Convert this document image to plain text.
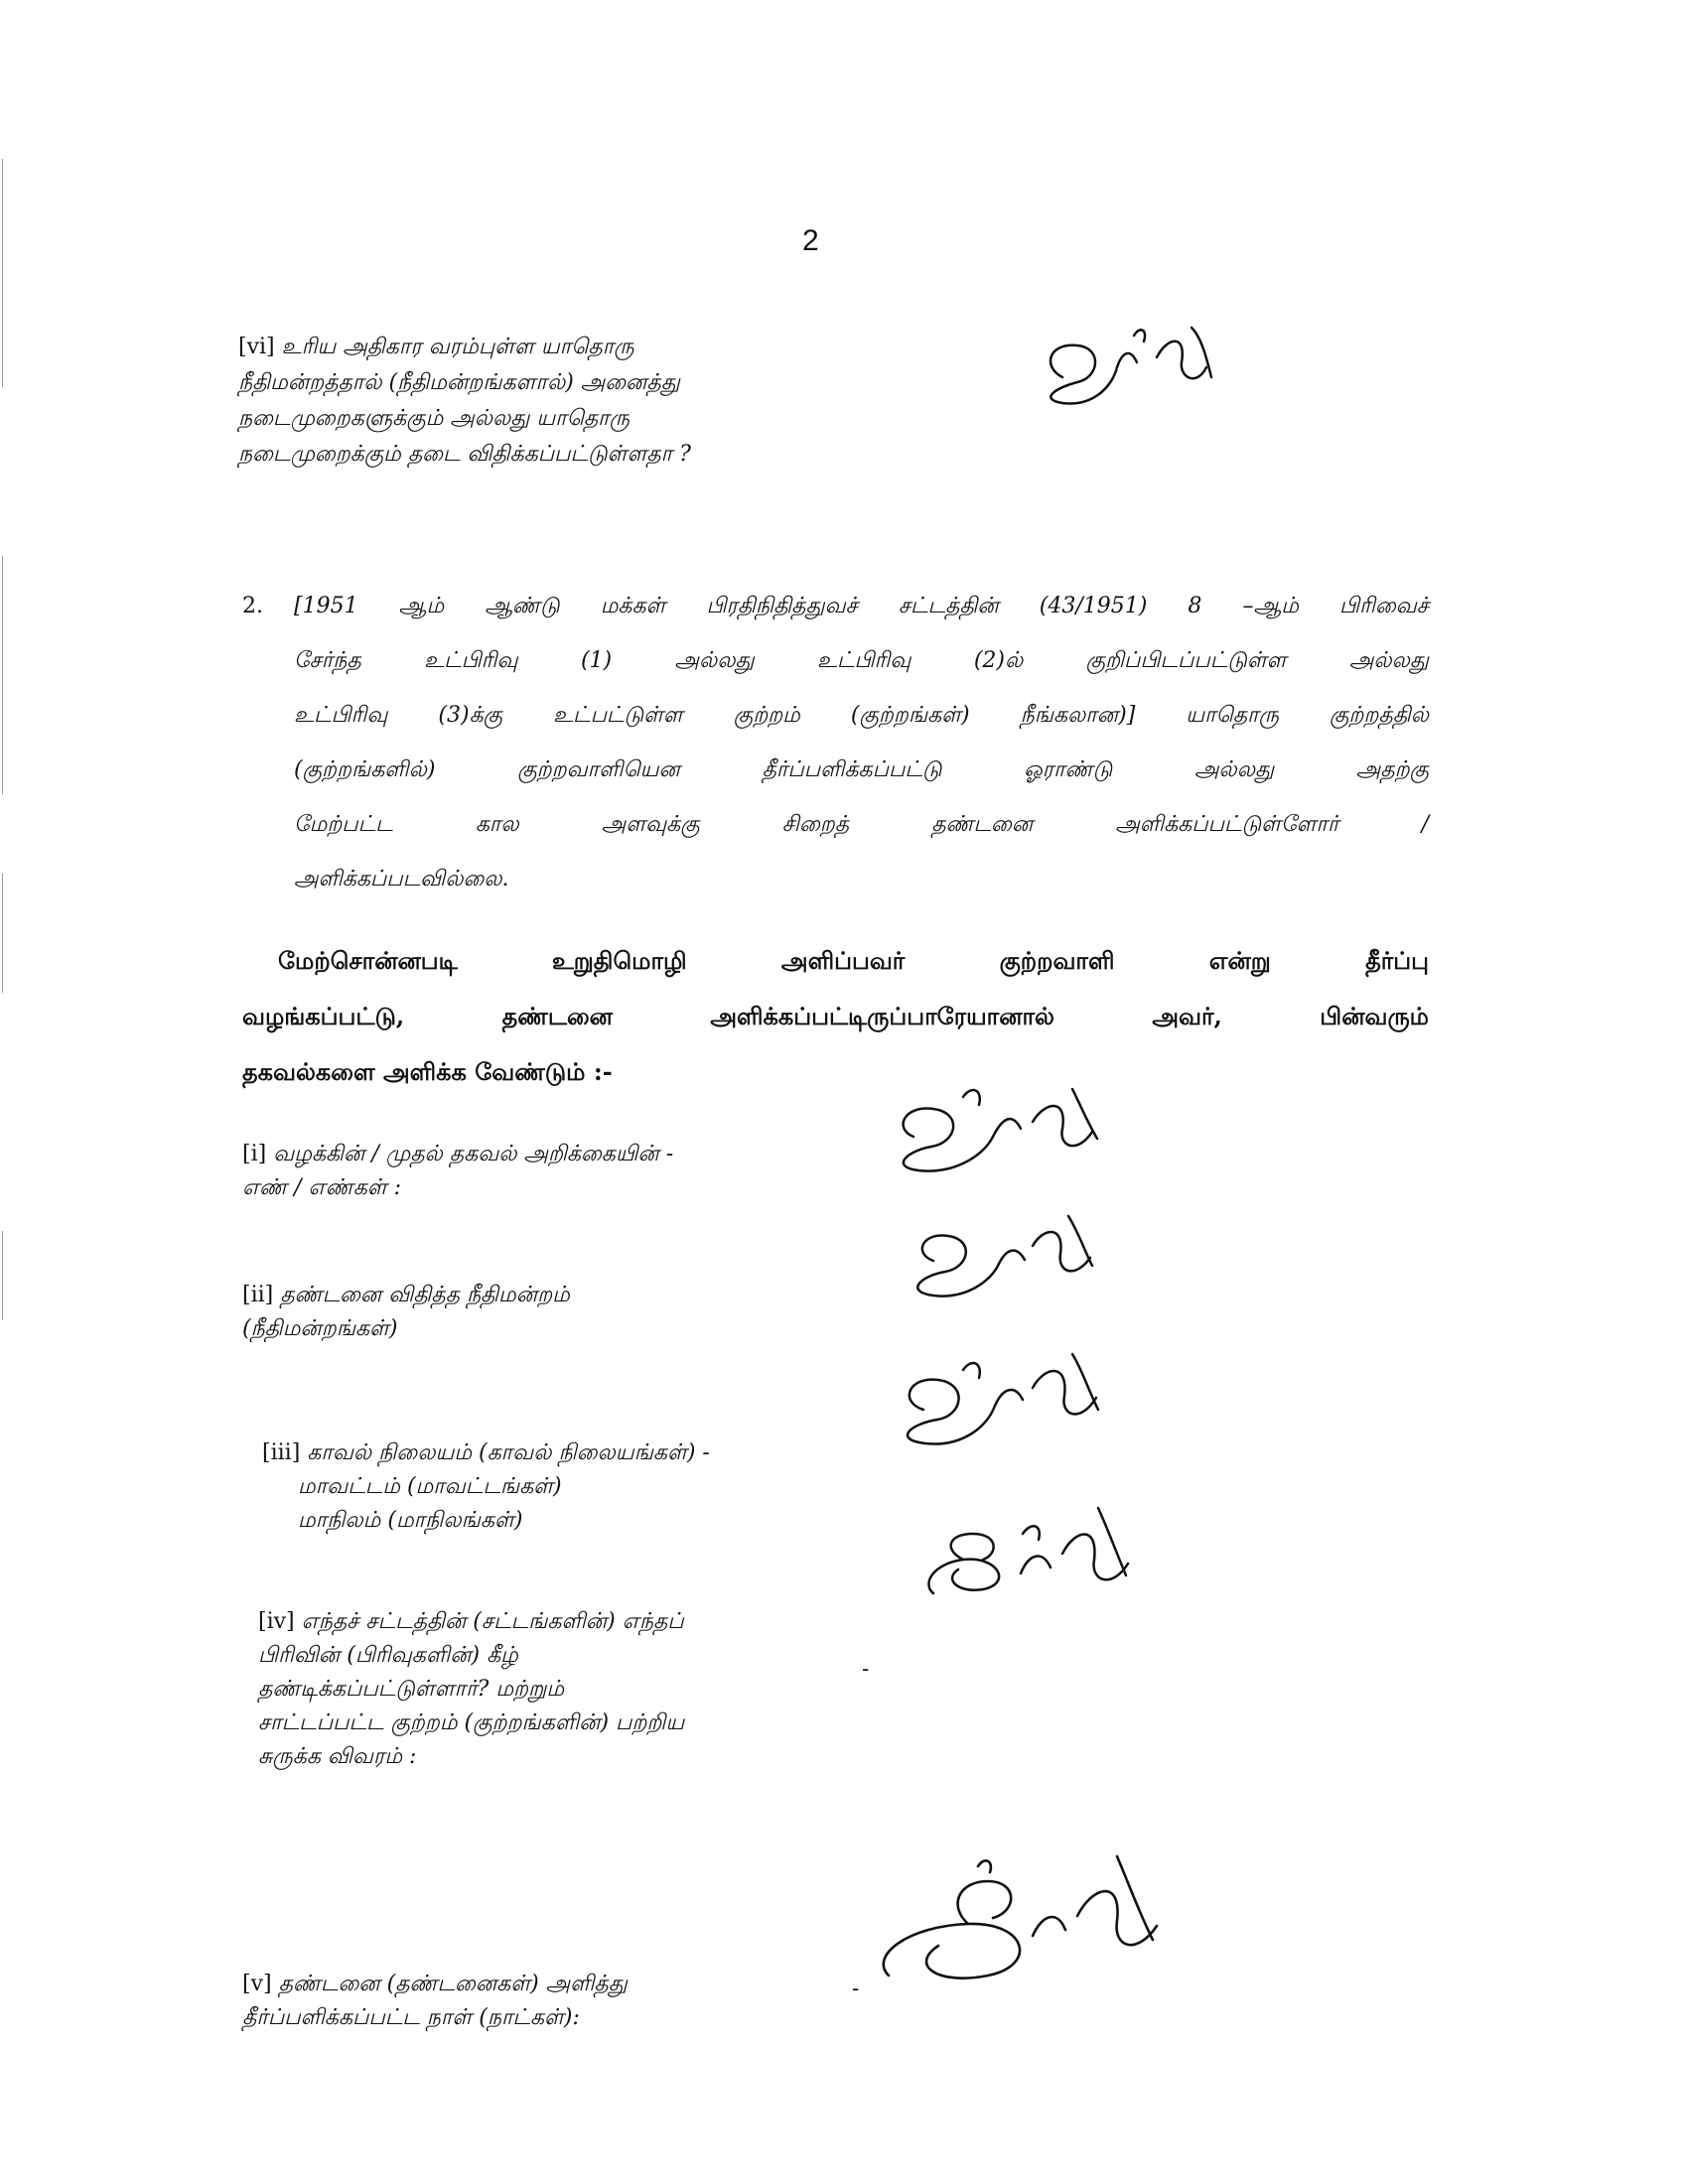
2
[vi] உரிய அதிகார வரம்புள்ள யாதொரு
நீதிமன்றத்தால் (நீதிமன்றங்களால்) அனைத்து
நடைமுறைகளுக்கும் அல்லது யாதொரு
நடைமுறைக்கும் தடை விதிக்கப்பட்டுள்ளதா ?
2. [1951 ஆம் ஆண்டு மக்கள் பிரதிநிதித்துவச் சட்டத்தின் (43/1951) 8 –ஆம் பிரிவைச்
சேர்ந்த உட்பிரிவு (1) அல்லது உட்பிரிவு (2)ல் குறிப்பிடப்பட்டுள்ள அல்லது
உட்பிரிவு (3)க்கு உட்பட்டுள்ள குற்றம் (குற்றங்கள்) நீங்கலான)] யாதொரு குற்றத்தில்
(குற்றங்களில்) குற்றவாளியென தீர்ப்பளிக்கப்பட்டு ஓராண்டு அல்லது அதற்கு
மேற்பட்ட கால அளவுக்கு சிறைத் தண்டனை அளிக்கப்பட்டுள்ளோர் /
அளிக்கப்படவில்லை.
மேற்சொன்னபடி உறுதிமொழி அளிப்பவர் குற்றவாளி என்று தீர்ப்பு
வழங்கப்பட்டு, தண்டனை அளிக்கப்பட்டிருப்பாரேயானால் அவர், பின்வரும்
தகவல்களை அளிக்க வேண்டும் :-
[i] வழக்கின் / முதல் தகவல் அறிக்கையின் -
எண் / எண்கள் :
[ii] தண்டனை விதித்த நீதிமன்றம்
(நீதிமன்றங்கள்)
[iii] காவல் நிலையம் (காவல் நிலையங்கள்) -
மாவட்டம் (மாவட்டங்கள்)
மாநிலம் (மாநிலங்கள்)
[iv] எந்தச் சட்டத்தின் (சட்டங்களின்) எந்தப்
பிரிவின் (பிரிவுகளின்) கீழ்
தண்டிக்கப்பட்டுள்ளார்? மற்றும்
சாட்டப்பட்ட குற்றம் (குற்றங்களின்) பற்றிய
சுருக்க விவரம் :
-
[v] தண்டனை (தண்டனைகள்) அளித்து
தீர்ப்பளிக்கப்பட்ட நாள் (நாட்கள்):
-
